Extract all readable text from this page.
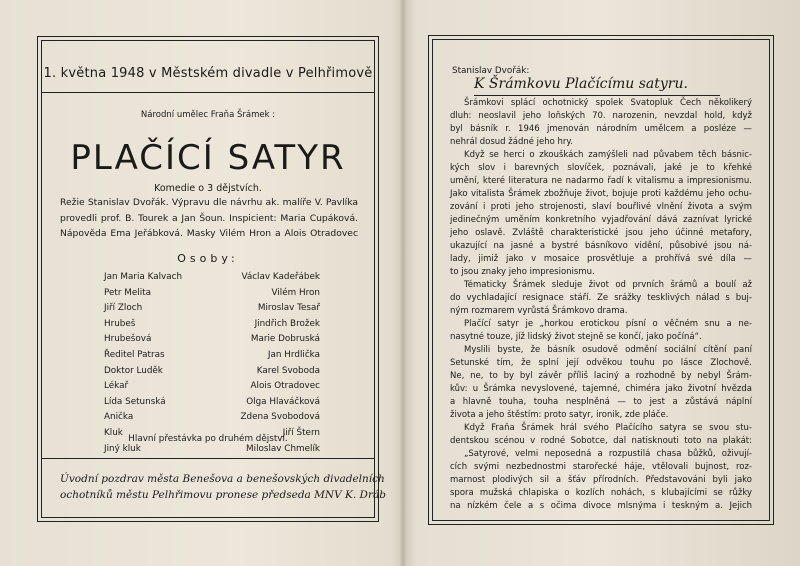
1. května 1948 v Městském divadle v Pelhřimově
Národní umělec Fraňa Šrámek :
PLAČÍCÍ SATYR
Komedie o 3 dějstvích.
Režie Stanislav Dvořák. Výpravu dle návrhu ak. malíře V. Pavlíka
provedli prof. B. Tourek a Jan Šoun. Inspicient: Maria Cupáková.
Nápověda Ema Jeřábková. Masky Vilém Hron a Alois Otradovec
Osoby:
Jan Maria Kalvach
Petr Melita
Jiří Zloch
Hrubeš
Hrubešová
Ředitel Patras
Doktor Luděk
Lékař
Lída Setunská
Anička
Kluk
Jiný kluk
Václav Kadeřábek
Vilém Hron
Miroslav Tesař
Jindřich Brožek
Marie Dobruská
Jan Hrdlička
Karel Svoboda
Alois Otradovec
Olga Hlaváčková
Zdena Svobodová
Jiří Štern
Miloslav Chmelík
Hlavní přestávka po druhém dějství.
Úvodní pozdrav města Benešova a benešovských divadelních
ochotníků městu Pelhřimovu pronese předseda MNV K. Dráb
Stanislav Dvořák:
K Šrámkovu Plačícímu satyru.
Šrámkovi splácí ochotnický spolek Svatopluk Čech několikerý
dluh: neoslavil jeho loňských 70. narozenin, nevzdal hold, když
byl básník r. 1946 jmenován národním umělcem a posléze —
nehrál dosud žádné jeho hry.
Když se herci o zkouškách zamýšleli nad půvabem těch básnic-
kých slov i barevných slovíček, poznávali, jaké je to křehké
umění, které literatura ne nadarmo řadí k vitalismu a impresionismu.
Jako vitalista Šrámek zbožňuje život, bojuje proti každému jeho ochu-
zování i proti jeho strojenosti, slaví bouřlivé vlnění života a svým
jedinečným uměním konkretního vyjadřování dává zaznívat lyrické
jeho oslavě. Zvláště charakteristické jsou jeho účinné metafory,
ukazující na jasné a bystré básníkovo vidění, působivé jsou ná-
lady, jimiž jako v mosaice prosvětluje a prohřívá své díla —
to jsou znaky jeho impresionismu.
Tématicky Šrámek sleduje život od prvních šrámů a boulí až
do vychladající resignace stáří. Ze srážky tesklivých nálad s buj-
ným rozmarem vyrůstá Šrámkovo drama.
Plačící satyr je „horkou erotickou písní o věčném snu a ne-
nasytné touze, jíž lidský život stejně se končí, jako počíná“.
Myslili byste, že básník osudově odmění sociální cítění paní
Setunské tím, že splní její odvěkou touhu po lásce Zlochově.
Ne, ne, to by byl závěr příliš laciný a rozhodně by nebyl Šrám-
kův: u Šrámka nevyslovené, tajemné, chiméra jako životní hvězda
a hlavně touha, touha nesplněná — to jest a zůstává náplní
života a jeho štěstím: proto satyr, ironik, zde pláče.
Když Fraňa Šrámek hrál svého Plačícího satyra se svou stu-
dentskou scénou v rodné Sobotce, dal natisknouti toto na plakát:
„Satyrové, velmi neposedná a rozpustilá chasa bůžků, oživují-
cích svými nezbednostmi starořecké háje, vtělovali bujnost, roz-
marnost plodivých sil a šťáv přírodních. Představováni byli jako
spora mužská chlapiska o kozlích nohách, s klubajícími se růžky
na nízkém čele a s očima divoce mlsnýma i teskným a. Jejich
